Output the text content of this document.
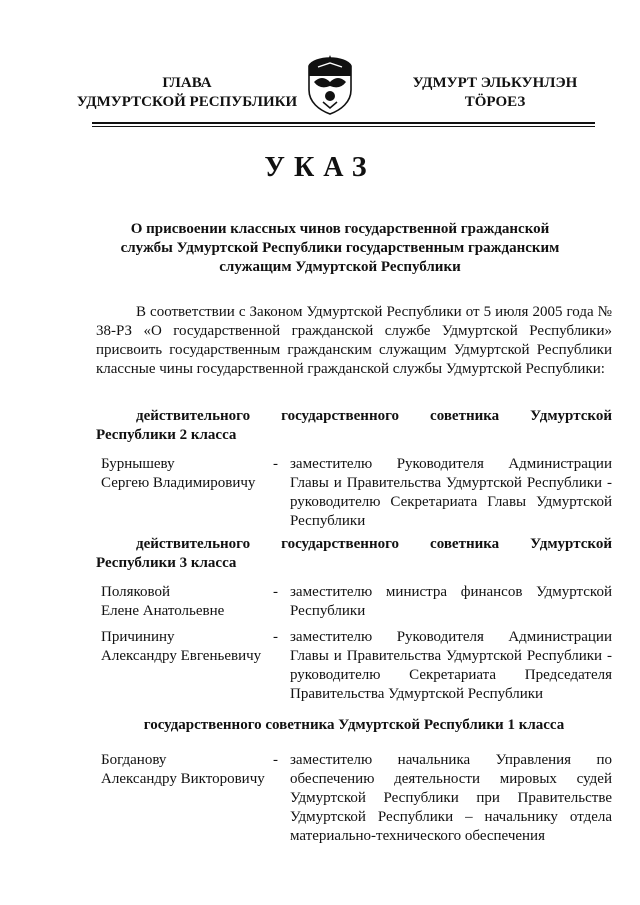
ГЛАВА
УДМУРТСКОЙ РЕСПУБЛИКИ
УДМУРТ ЭЛЬКУНЛЭН
ТӦРОЕЗ
УКАЗ
О присвоении классных чинов государственной гражданской службы Удмуртской Республики государственным гражданским служащим Удмуртской Республики
В соответствии с Законом Удмуртской Республики от 5 июля 2005 года № 38-РЗ «О государственной гражданской службе Удмуртской Республики» присвоить государственным гражданским служащим Удмуртской Республики классные чины государственной гражданской службы Удмуртской Республики:
действительного государственного советника Удмуртской Республики 2 класса
Бурнышеву
Сергею Владимировичу
- заместителю Руководителя Администрации Главы и Правительства Удмуртской Республики - руководителю Секретариата Главы Удмуртской Республики
действительного государственного советника Удмуртской Республики 3 класса
Поляковой
Елене Анатольевне
- заместителю министра финансов Удмуртской Республики
Причинину
Александру Евгеньевичу
- заместителю Руководителя Администрации Главы и Правительства Удмуртской Республики - руководителю Секретариата Председателя Правительства Удмуртской Республики
государственного советника Удмуртской Республики 1 класса
Богданову
Александру Викторовичу
- заместителю начальника Управления по обеспечению деятельности мировых судей Удмуртской Республики при Правительстве Удмуртской Республики – начальнику отдела материально-технического обеспечения
